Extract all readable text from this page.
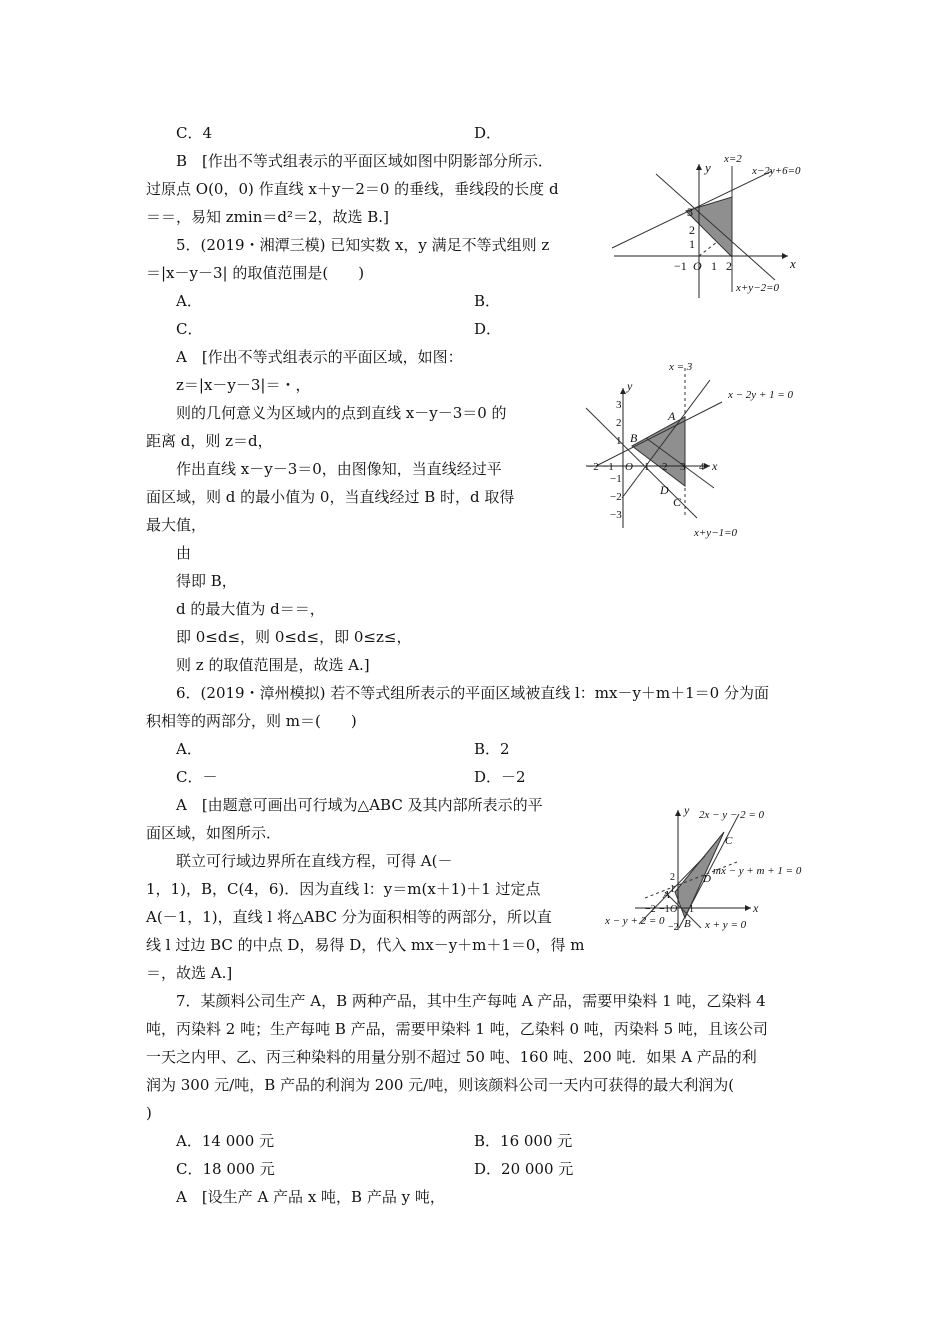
C．4	D．
B　[作出不等式组表示的平面区域如图中阴影部分所示．
过原点 O(0，0) 作直线 x＋y－2＝0 的垂线，垂线段的长度 d
＝＝，易知 zmin＝d²＝2，故选 B.]
y
x
x=2
x−2y+6=0
x+y−2=0
3
2
1
−1 O 1 2
5．(2019・湘潭三模) 已知实数 x，y 满足不等式组则 z
＝|x－y－3| 的取值范围是(　　)
A．	B．
C．	D．
A　[作出不等式组表示的平面区域，如图：
z＝|x－y－3|＝・，
则的几何意义为区域内的点到直线 x－y－3＝0 的
距离 d，则 z＝d，
作出直线 x－y－3＝0，由图像知，当直线经过平
面区域，则 d 的最小值为 0，当直线经过 B 时，d 取得
最大值，
由
得即 B，
d 的最大值为 d＝＝，
即 0≤d≤，则 0≤d≤，即 0≤z≤，
则 z 的取值范围是，故选 A.]
x = 3
x − 2y + 1 = 0
x+y−1=0
A
B
C
D
y
x
3
2
1
−1
−2
−3
−2 −1 O 1 2 3 4
6．(2019・漳州模拟) 若不等式组所表示的平面区域被直线 l：mx－y＋m＋1＝0 分为面
积相等的两部分，则 m＝(　　)
A．	B．2
C．－	D．－2
A　[由题意可画出可行域为△ABC 及其内部所表示的平
面区域，如图所示．
联立可行域边界所在直线方程，可得 A(－
1，1)，B，C(4，6)．因为直线 l：y＝m(x＋1)＋1 过定点
A(－1，1)，直线 l 将△ABC 分为面积相等的两部分，所以直
线 l 过边 BC 的中点 D，易得 D，代入 mx－y＋m＋1＝0，得 m
＝，故选 A.]
y
x
2x − y − 2 = 0
mx − y + m + 1 = 0
x − y + 2 = 0	x + y = 0
A
B
C
D
2
1
−2
−2 −1 O 1
7．某颜料公司生产 A，B 两种产品，其中生产每吨 A 产品，需要甲染料 1 吨，乙染料 4
吨，丙染料 2 吨；生产每吨 B 产品，需要甲染料 1 吨，乙染料 0 吨，丙染料 5 吨，且该公司
一天之内甲、乙、丙三种染料的用量分别不超过 50 吨、160 吨、200 吨．如果 A 产品的利
润为 300 元/吨，B 产品的利润为 200 元/吨，则该颜料公司一天内可获得的最大利润为(
)
A．14 000 元	B．16 000 元
C．18 000 元	D．20 000 元
A　[设生产 A 产品 x 吨，B 产品 y 吨，
